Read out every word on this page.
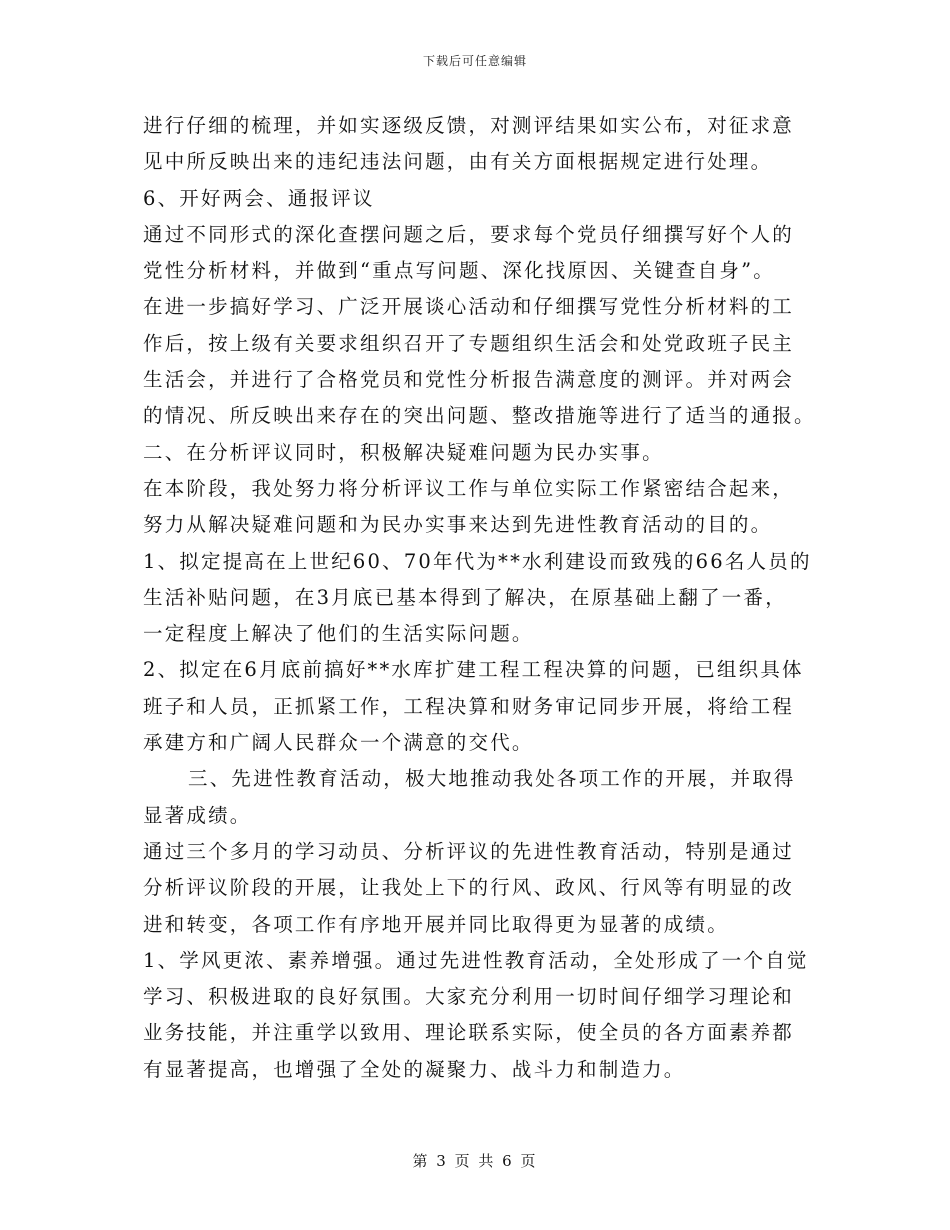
下载后可任意编辑
进行仔细的梳理，并如实逐级反馈，对测评结果如实公布，对征求意
见中所反映出来的违纪违法问题，由有关方面根据规定进行处理。
6、开好两会、通报评议
通过不同形式的深化查摆问题之后，要求每个党员仔细撰写好个人的
党性分析材料，并做到“重点写问题、深化找原因、关键查自身”。
在进一步搞好学习、广泛开展谈心活动和仔细撰写党性分析材料的工
作后，按上级有关要求组织召开了专题组织生活会和处党政班子民主
生活会，并进行了合格党员和党性分析报告满意度的测评。并对两会
的情况、所反映出来存在的突出问题、整改措施等进行了适当的通报。
二、在分析评议同时，积极解决疑难问题为民办实事。
在本阶段，我处努力将分析评议工作与单位实际工作紧密结合起来，
努力从解决疑难问题和为民办实事来达到先进性教育活动的目的。
1、拟定提高在上世纪60、70年代为**水利建设而致残的66名人员的
生活补贴问题，在3月底已基本得到了解决，在原基础上翻了一番，
一定程度上解决了他们的生活实际问题。
2、拟定在6月底前搞好**水库扩建工程工程决算的问题，已组织具体
班子和人员，正抓紧工作，工程决算和财务审记同步开展，将给工程
承建方和广阔人民群众一个满意的交代。
三、先进性教育活动，极大地推动我处各项工作的开展，并取得
显著成绩。
通过三个多月的学习动员、分析评议的先进性教育活动，特别是通过
分析评议阶段的开展，让我处上下的行风、政风、行风等有明显的改
进和转变，各项工作有序地开展并同比取得更为显著的成绩。
1、学风更浓、素养增强。通过先进性教育活动，全处形成了一个自觉
学习、积极进取的良好氛围。大家充分利用一切时间仔细学习理论和
业务技能，并注重学以致用、理论联系实际，使全员的各方面素养都
有显著提高，也增强了全处的凝聚力、战斗力和制造力。
第 3 页 共 6 页
